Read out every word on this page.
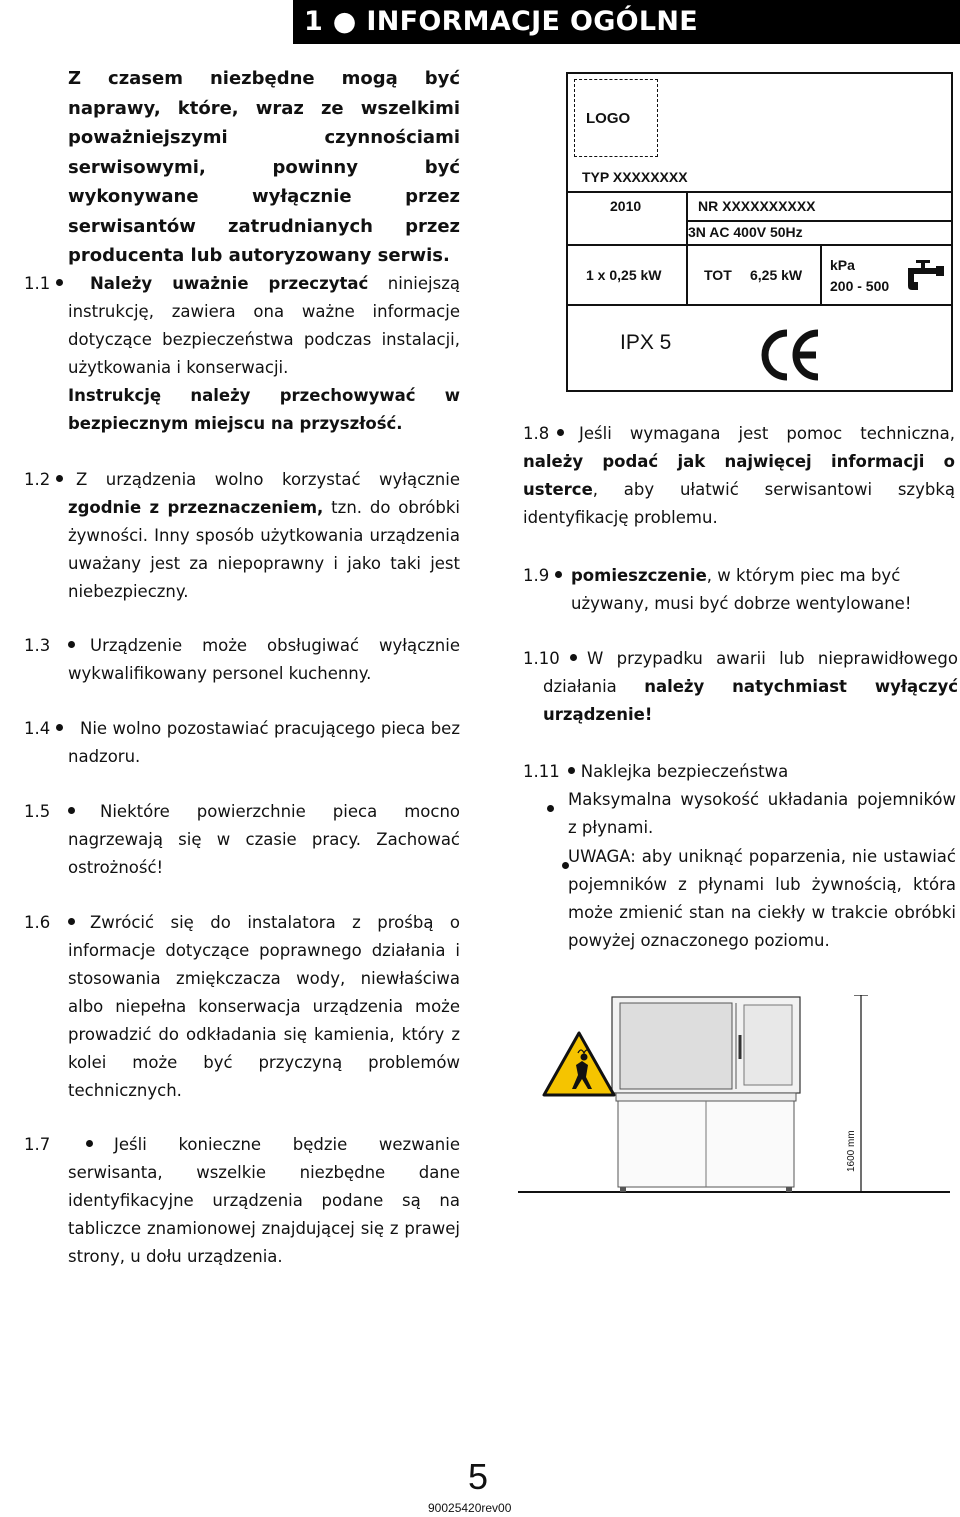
1 ● INFORMACJE OGÓLNE
Z czasem niezbędne mogą być naprawy, które, wraz ze wszelkimi poważniejszymi czynnościami serwisowymi, powinny być wykonywane wyłącznie przez serwisantów zatrudnianych przez producenta lub autoryzowany serwis.
1.1	Należy uważnie przeczytać niniejszą instrukcję, zawiera ona ważne informacje dotyczące bezpieczeństwa podczas instalacji, użytkowania i konserwacji.
Instrukcję należy przechowywać w bezpiecznym miejscu na przyszłość.
1.2	Z urządzenia wolno korzystać wyłącznie zgodnie z przeznaczeniem, tzn. do obróbki żywności. Inny sposób użytkowania urządzenia uważany jest za niepoprawny i jako taki jest niebezpieczny.
1.3	Urządzenie może obsługiwać wyłącznie wykwalifikowany personel kuchenny.
1.4	Nie wolno pozostawiać pracującego pieca bez nadzoru.
1.5	Niektóre powierzchnie pieca mocno nagrzewają się w czasie pracy. Zachować ostrożność!
1.6	Zwrócić się do instalatora z prośbą o informacje dotyczące poprawnego działania i stosowania zmiękczacza wody, niewłaściwa albo niepełna konserwacja urządzenia może prowadzić do odkładania się kamienia, który z kolei może być przyczyną problemów technicznych.
1.7	Jeśli konieczne będzie wezwanie serwisanta, wszelkie niezbędne dane identyfikacyjne urządzenia podane są na tabliczce znamionowej znajdującej się z prawej strony, u dołu urządzenia.
LOGO
TYP XXXXXXXX
2010	NR XXXXXXXXXX
3N AC 400V 50Hz
1 x 0,25 kW	TOT 6,25 kW
kPa
200 - 500
IPX 5
1.8	Jeśli wymagana jest pomoc techniczna, należy podać jak najwięcej informacji o usterce, aby ułatwić serwisantowi szybką identyfikację problemu.
1.9	pomieszczenie, w którym piec ma być używany, musi być dobrze wentylowane!
1.10	W przypadku awarii lub nieprawidłowego działania należy natychmiast wyłączyć urządzenie!
1.11 Naklejka bezpieczeństwa

Maksymalna wysokość układania pojemników z płynami.
UWAGA: aby uniknąć poparzenia, nie ustawiać pojemników z płynami lub żywnością, która może zmienić stan na ciekły w trakcie obróbki powyżej oznaczonego poziomu.
1600 mm
5
90025420rev00
